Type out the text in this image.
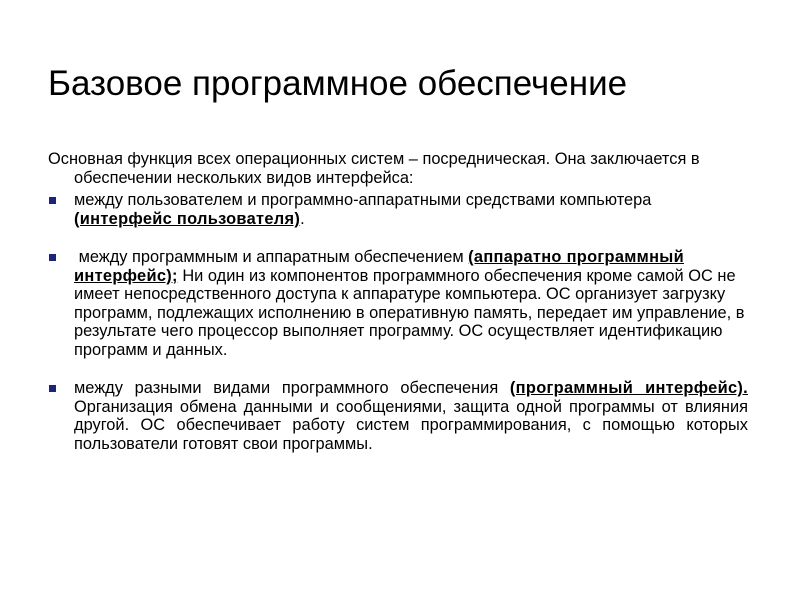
Базовое программное обеспечение

Основная функция всех операционных систем – посредническая. Она заключается в обеспечении нескольких видов интерфейса:

между пользователем и программно-аппаратными средствами компьютера (интерфейс пользователя).

между программным и аппаратным обеспечением (аппаратно программный интерфейс); Ни один из компонентов программного обеспечения кроме самой ОС не имеет непосредственного доступа к аппаратуре компьютера. ОС организует загрузку программ, подлежащих исполнению в оперативную память, передает им управление, в результате чего процессор выполняет программу. ОС осуществляет идентификацию программ и данных.

между разными видами программного обеспечения (программный интерфейс). Организация обмена данными и сообщениями, защита одной программы от влияния другой. ОС обеспечивает работу систем программирования, с помощью которых пользователи готовят свои программы.
